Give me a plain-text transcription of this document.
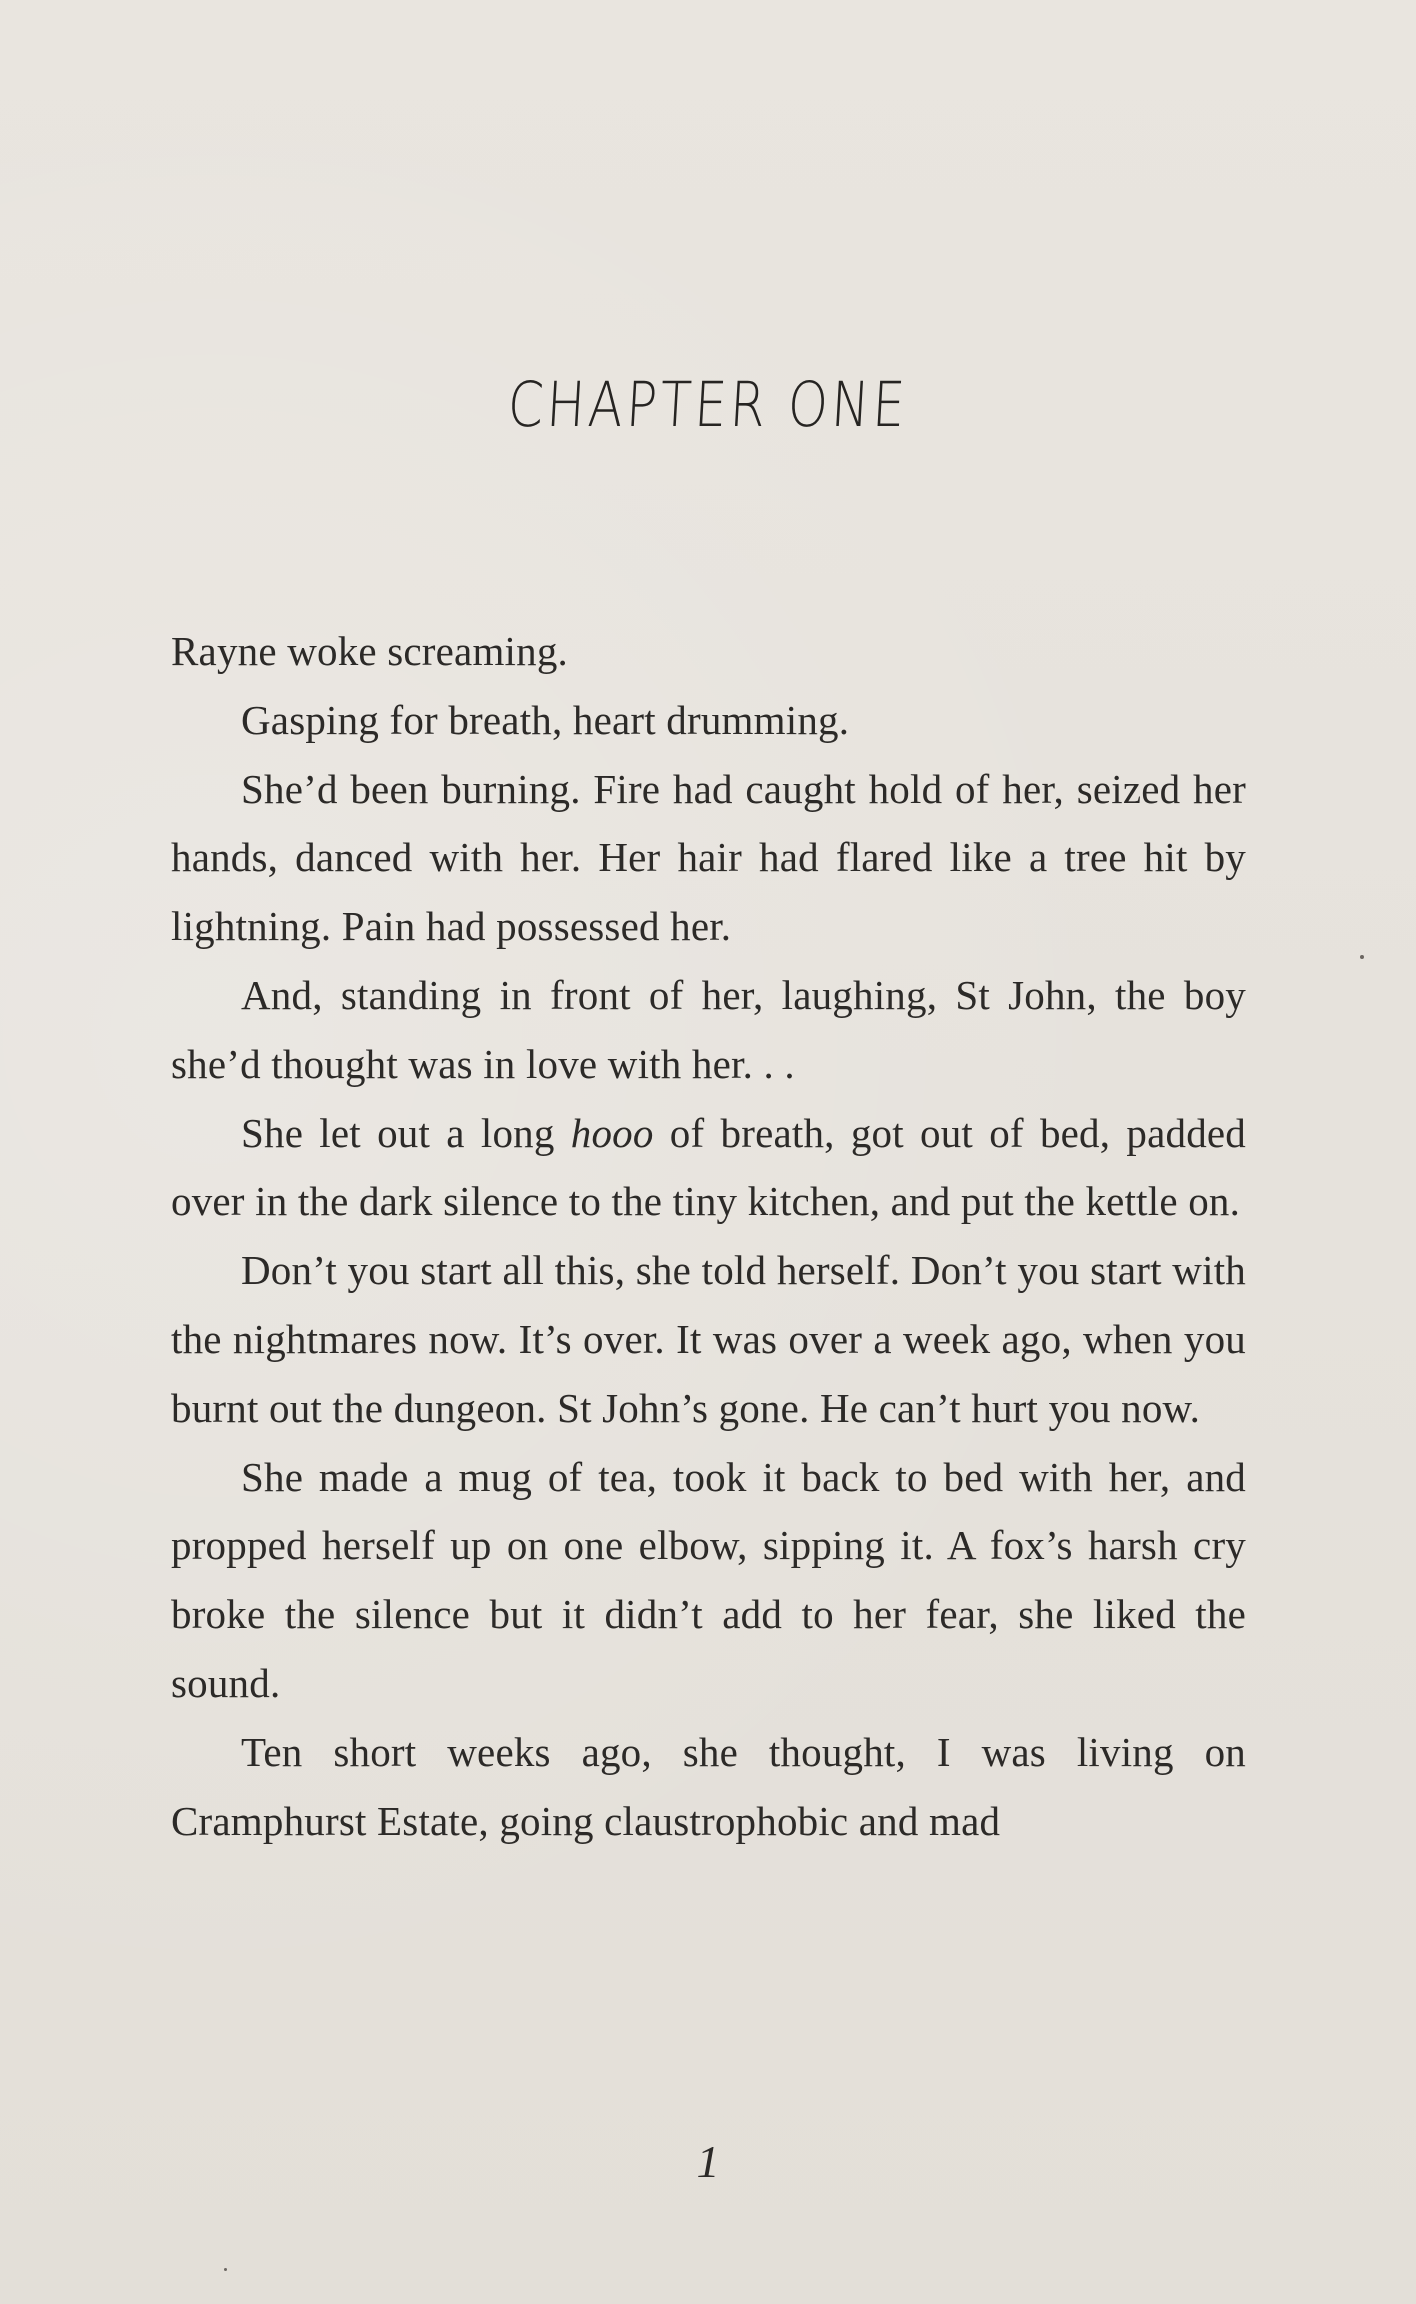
CHAPTER ONE

Rayne woke screaming.

Gasping for breath, heart drumming.

She’d been burning. Fire had caught hold of her, seized her hands, danced with her. Her hair had flared like a tree hit by lightning. Pain had possessed her.

And, standing in front of her, laughing, St John, the boy she’d thought was in love with her. . .

She let out a long hooo of breath, got out of bed, padded over in the dark silence to the tiny kitchen, and put the kettle on.

Don’t you start all this, she told herself. Don’t you start with the nightmares now. It’s over. It was over a week ago, when you burnt out the dungeon. St John’s gone. He can’t hurt you now.

She made a mug of tea, took it back to bed with her, and propped herself up on one elbow, sipping it. A fox’s harsh cry broke the silence but it didn’t add to her fear, she liked the sound.

Ten short weeks ago, she thought, I was living on Cramphurst Estate, going claustrophobic and mad

1
